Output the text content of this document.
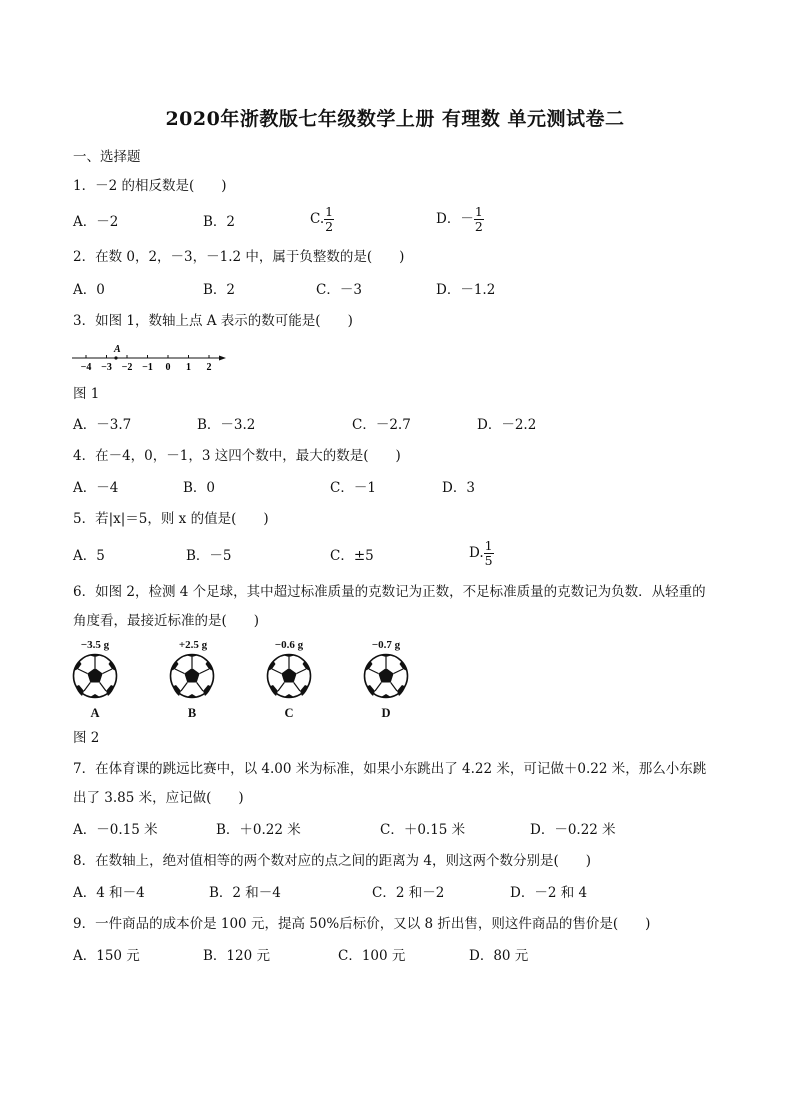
2020年浙教版七年级数学上册 有理数 单元测试卷二
一、选择题
1．－2 的相反数是(　　)
A．－2	B．2	C. $\frac{1}{2}$	D．－ $\frac{1}{2}$
2．在数 0，2，－3，－1.2 中，属于负整数的是(　　)
A．0	B．2	C．－3	D．－1.2
3．如图 1，数轴上点 A 表示的数可能是(　　)
−4 −3 −2 −1 0 1 2
A
图 1
A．－3.7	B．－3.2	C．－2.7	D．－2.2
4．在－4，0，－1，3 这四个数中，最大的数是(　　)
A．－4	B．0	C．－1	D．3
5．若|x|＝5，则 x 的值是(　　)
A．5	B．－5	C．±5	D. $\frac{1}{5}$
6．如图 2，检测 4 个足球，其中超过标准质量的克数记为正数，不足标准质量的克数记为负数．从轻重的
角度看，最接近标准的是(　　)
−3.5 g	+2.5 g	−0.6 g	−0.7 g
A	B	C	D
图 2
7．在体育课的跳远比赛中，以 4.00 米为标准，如果小东跳出了 4.22 米，可记做＋0.22 米，那么小东跳
出了 3.85 米，应记做(　　)
A．－0.15 米	B．＋0.22 米	C．＋0.15 米	D．－0.22 米
8．在数轴上，绝对值相等的两个数对应的点之间的距离为 4，则这两个数分别是(　　)
A．4 和－4	B．2 和－4	C．2 和－2	D．－2 和 4
9．一件商品的成本价是 100 元，提高 50%后标价，又以 8 折出售，则这件商品的售价是(　　)
A．150 元	B．120 元	C．100 元	D．80 元
